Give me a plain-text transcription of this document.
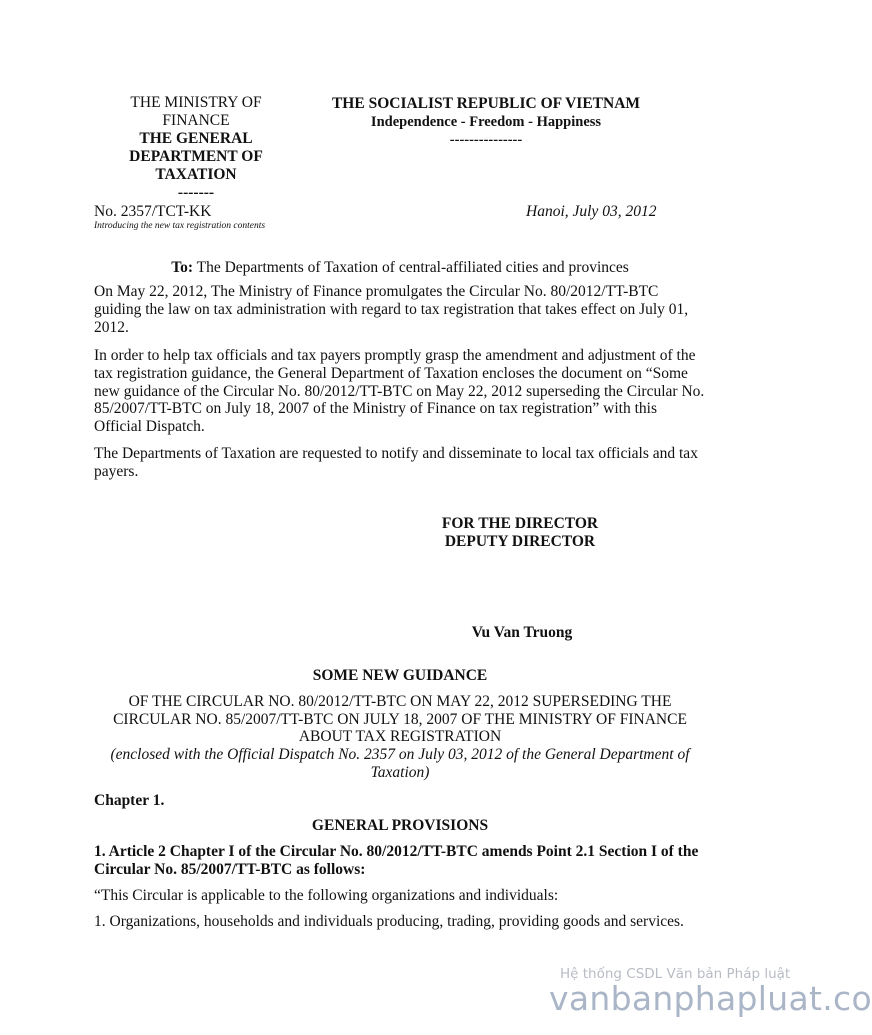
THE MINISTRY OF
FINANCE
THE GENERAL
DEPARTMENT OF
TAXATION
-------
THE SOCIALIST REPUBLIC OF VIETNAM
Independence - Freedom - Happiness
---------------
No. 2357/TCT-KK
Introducing the new tax registration contents
Hanoi, July 03, 2012
To: The Departments of Taxation of central-affiliated cities and provinces

On May 22, 2012, The Ministry of Finance promulgates the Circular No. 80/2012/TT-BTC guiding the law on tax administration with regard to tax registration that takes effect on July 01, 2012.

In order to help tax officials and tax payers promptly grasp the amendment and adjustment of the tax registration guidance, the General Department of Taxation encloses the document on “Some new guidance of the Circular No. 80/2012/TT-BTC on May 22, 2012 superseding the Circular No. 85/2007/TT-BTC on July 18, 2007 of the Ministry of Finance on tax registration” with this Official Dispatch.

The Departments of Taxation are requested to notify and disseminate to local tax officials and tax payers.

FOR THE DIRECTOR
DEPUTY DIRECTOR
Vu Van Truong
SOME NEW GUIDANCE
OF THE CIRCULAR NO. 80/2012/TT-BTC ON MAY 22, 2012 SUPERSEDING THE CIRCULAR NO. 85/2007/TT-BTC ON JULY 18, 2007 OF THE MINISTRY OF FINANCE ABOUT TAX REGISTRATION
(enclosed with the Official Dispatch No. 2357 on July 03, 2012 of the General Department of Taxation)
Chapter 1.
GENERAL PROVISIONS
1. Article 2 Chapter I of the Circular No. 80/2012/TT-BTC amends Point 2.1 Section I of the Circular No. 85/2007/TT-BTC as follows:
“This Circular is applicable to the following organizations and individuals:
1. Organizations, households and individuals producing, trading, providing goods and services.
Hệ thống CSDL Văn bản Pháp luật
vanbanphapluat.co
